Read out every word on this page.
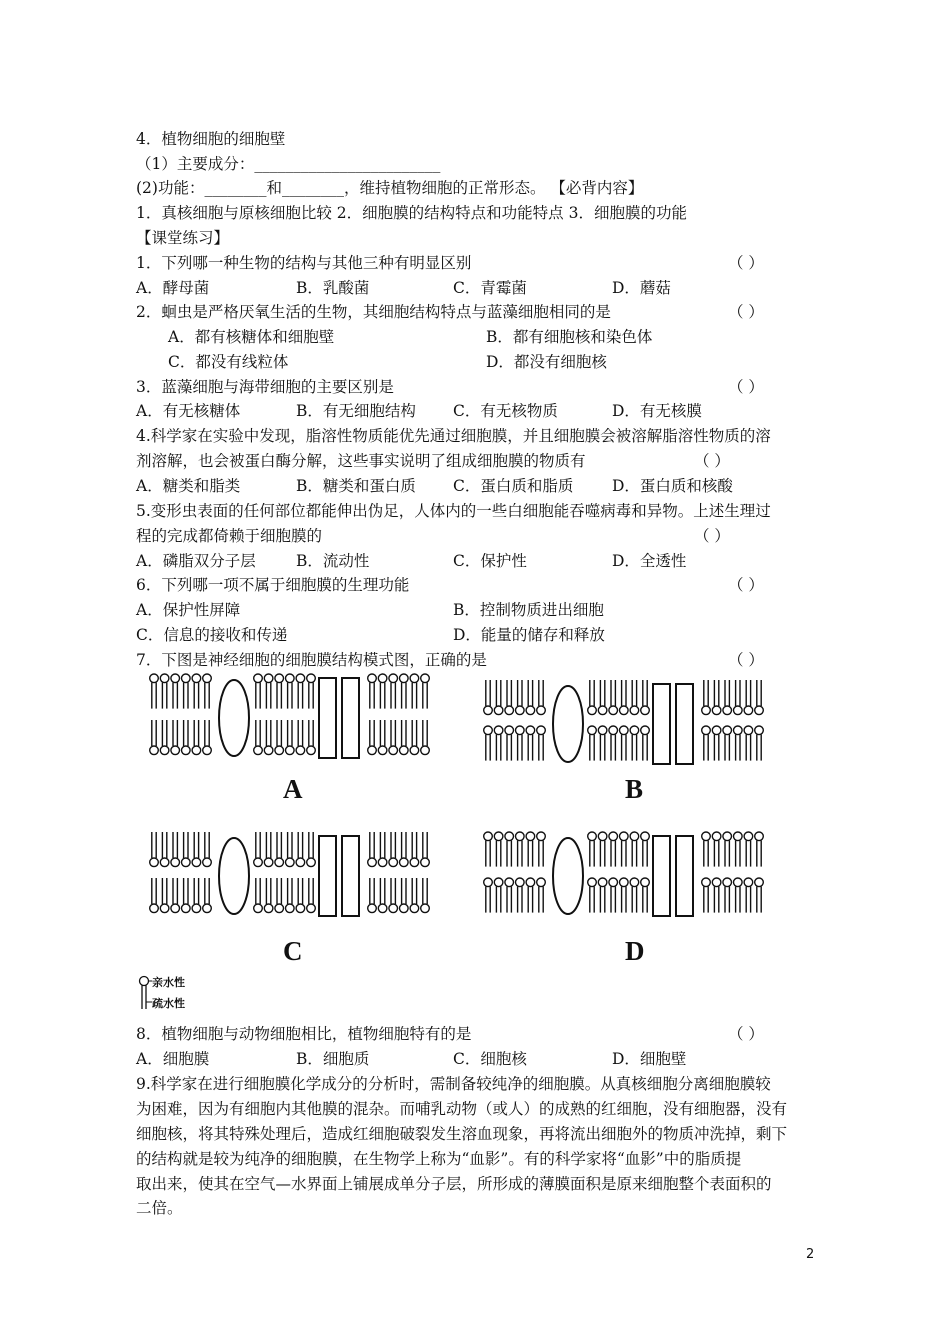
4．植物细胞的细胞壁
（1）主要成分：________________________
(2)功能：________和________，维持植物细胞的正常形态。 【必背内容】
1．真核细胞与原核细胞比较 2．细胞膜的结构特点和功能特点 3．细胞膜的功能
【课堂练习】
1．下列哪一种生物的结构与其他三种有明显区别	（ ）
A．酵母菌	B．乳酸菌	C．青霉菌	D．蘑菇
2．蛔虫是严格厌氧生活的生物，其细胞结构特点与蓝藻细胞相同的是	（ ）
A．都有核糖体和细胞壁	B．都有细胞核和染色体
C．都没有线粒体	D．都没有细胞核
3．蓝藻细胞与海带细胞的主要区别是	（ ）
A．有无核糖体	B．有无细胞结构 C．有无核物质	D．有无核膜
4.科学家在实验中发现，脂溶性物质能优先通过细胞膜，并且细胞膜会被溶解脂溶性物质的溶
剂溶解，也会被蛋白酶分解，这些事实说明了组成细胞膜的物质有	（ ）
A．糖类和脂类	B．糖类和蛋白质 C．蛋白质和脂质 D．蛋白质和核酸
5.变形虫表面的任何部位都能伸出伪足，人体内的一些白细胞能吞噬病毒和异物。上述生理过
程的完成都倚赖于细胞膜的	（ ）
A．磷脂双分子层	B．流动性	C．保护性	D．全透性
6．下列哪一项不属于细胞膜的生理功能	（ ）
A．保护性屏障	B．控制物质进出细胞
C．信息的接收和传递	D．能量的储存和释放
7．下图是神经细胞的细胞膜结构模式图，正确的是	（ ）
A	B
C	D
亲水性
疏水性
8．植物细胞与动物细胞相比，植物细胞特有的是	（ ）
A．细胞膜	B．细胞质	C．细胞核	D．细胞壁
9.科学家在进行细胞膜化学成分的分析时，需制备较纯净的细胞膜。从真核细胞分离细胞膜较
为困难，因为有细胞内其他膜的混杂。而哺乳动物（或人）的成熟的红细胞，没有细胞器，没有
细胞核，将其特殊处理后，造成红细胞破裂发生溶血现象，再将流出细胞外的物质冲洗掉，剩下
的结构就是较为纯净的细胞膜，在生物学上称为“血影”。有的科学家将“血影”中的脂质提
取出来，使其在空气—水界面上铺展成单分子层，所形成的薄膜面积是原来细胞整个表面积的
二倍。
2
